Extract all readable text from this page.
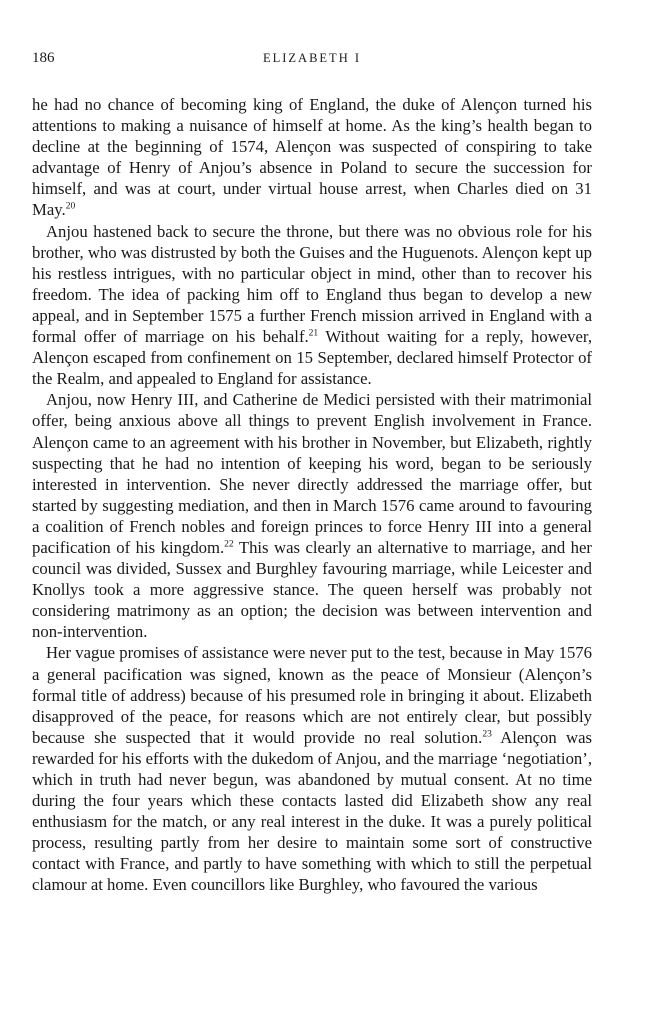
186	ELIZABETH I

he had no chance of becoming king of England, the duke of Alençon turned his attentions to making a nuisance of himself at home. As the king’s health began to decline at the beginning of 1574, Alençon was suspected of conspiring to take advantage of Henry of Anjou’s absence in Poland to secure the succession for himself, and was at court, under virtual house arrest, when Charles died on 31 May.$^{20}$

Anjou hastened back to secure the throne, but there was no obvious role for his brother, who was distrusted by both the Guises and the Huguenots. Alençon kept up his restless intrigues, with no particular object in mind, other than to recover his freedom. The idea of packing him off to England thus began to develop a new appeal, and in September 1575 a further French mission arrived in England with a formal offer of marriage on his behalf.$^{21}$ Without waiting for a reply, however, Alençon escaped from confinement on 15 September, declared himself Protector of the Realm, and appealed to England for assistance.

Anjou, now Henry III, and Catherine de Medici persisted with their matrimonial offer, being anxious above all things to prevent English involvement in France. Alençon came to an agreement with his brother in November, but Elizabeth, rightly suspecting that he had no intention of keeping his word, began to be seriously interested in intervention. She never directly addressed the marriage offer, but started by suggesting mediation, and then in March 1576 came around to favouring a coalition of French nobles and foreign princes to force Henry III into a general pacification of his kingdom.$^{22}$ This was clearly an alternative to marriage, and her council was divided, Sussex and Burghley favouring marriage, while Leicester and Knollys took a more aggressive stance. The queen herself was probably not considering matrimony as an option; the decision was between intervention and non-intervention.

Her vague promises of assistance were never put to the test, because in May 1576 a general pacification was signed, known as the peace of Monsieur (Alençon’s formal title of address) because of his presumed role in bringing it about. Elizabeth disapproved of the peace, for reasons which are not entirely clear, but possibly because she suspected that it would provide no real solution.$^{23}$ Alençon was rewarded for his efforts with the dukedom of Anjou, and the marriage ‘negotiation’, which in truth had never begun, was abandoned by mutual consent. At no time during the four years which these contacts lasted did Elizabeth show any real enthusiasm for the match, or any real interest in the duke. It was a purely political process, resulting partly from her desire to maintain some sort of constructive contact with France, and partly to have something with which to still the perpetual clamour at home. Even councillors like Burghley, who favoured the various
